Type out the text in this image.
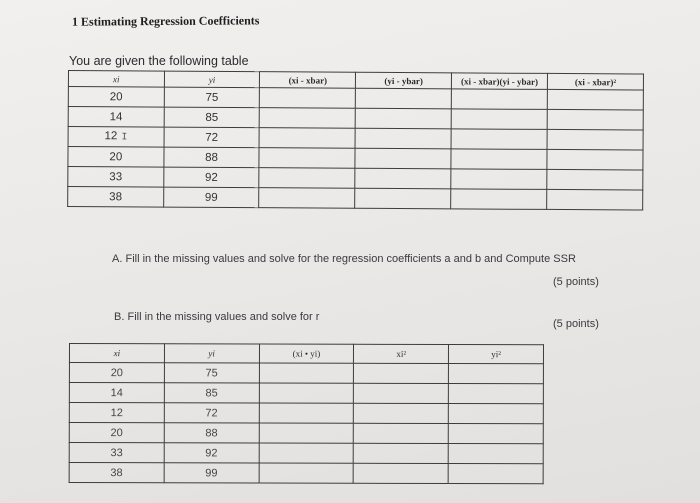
1 Estimating Regression Coefficients
You are given the following table
xi	yi	(xi - xbar)	(yi - ybar)	(xi - xbar)(yi - ybar)	(xi - xbar)²
20	75				
14	85				
12 I	72				
20	88				
33	92				
38	99				
A. Fill in the missing values and solve for the regression coefficients a and b and Compute SSR
(5 points)
B. Fill in the missing values and solve for r
(5 points)
xi	yi	(xi • yi)	xi²	yi²
20	75			
14	85			
12	72			
20	88			
33	92			
38	99			
